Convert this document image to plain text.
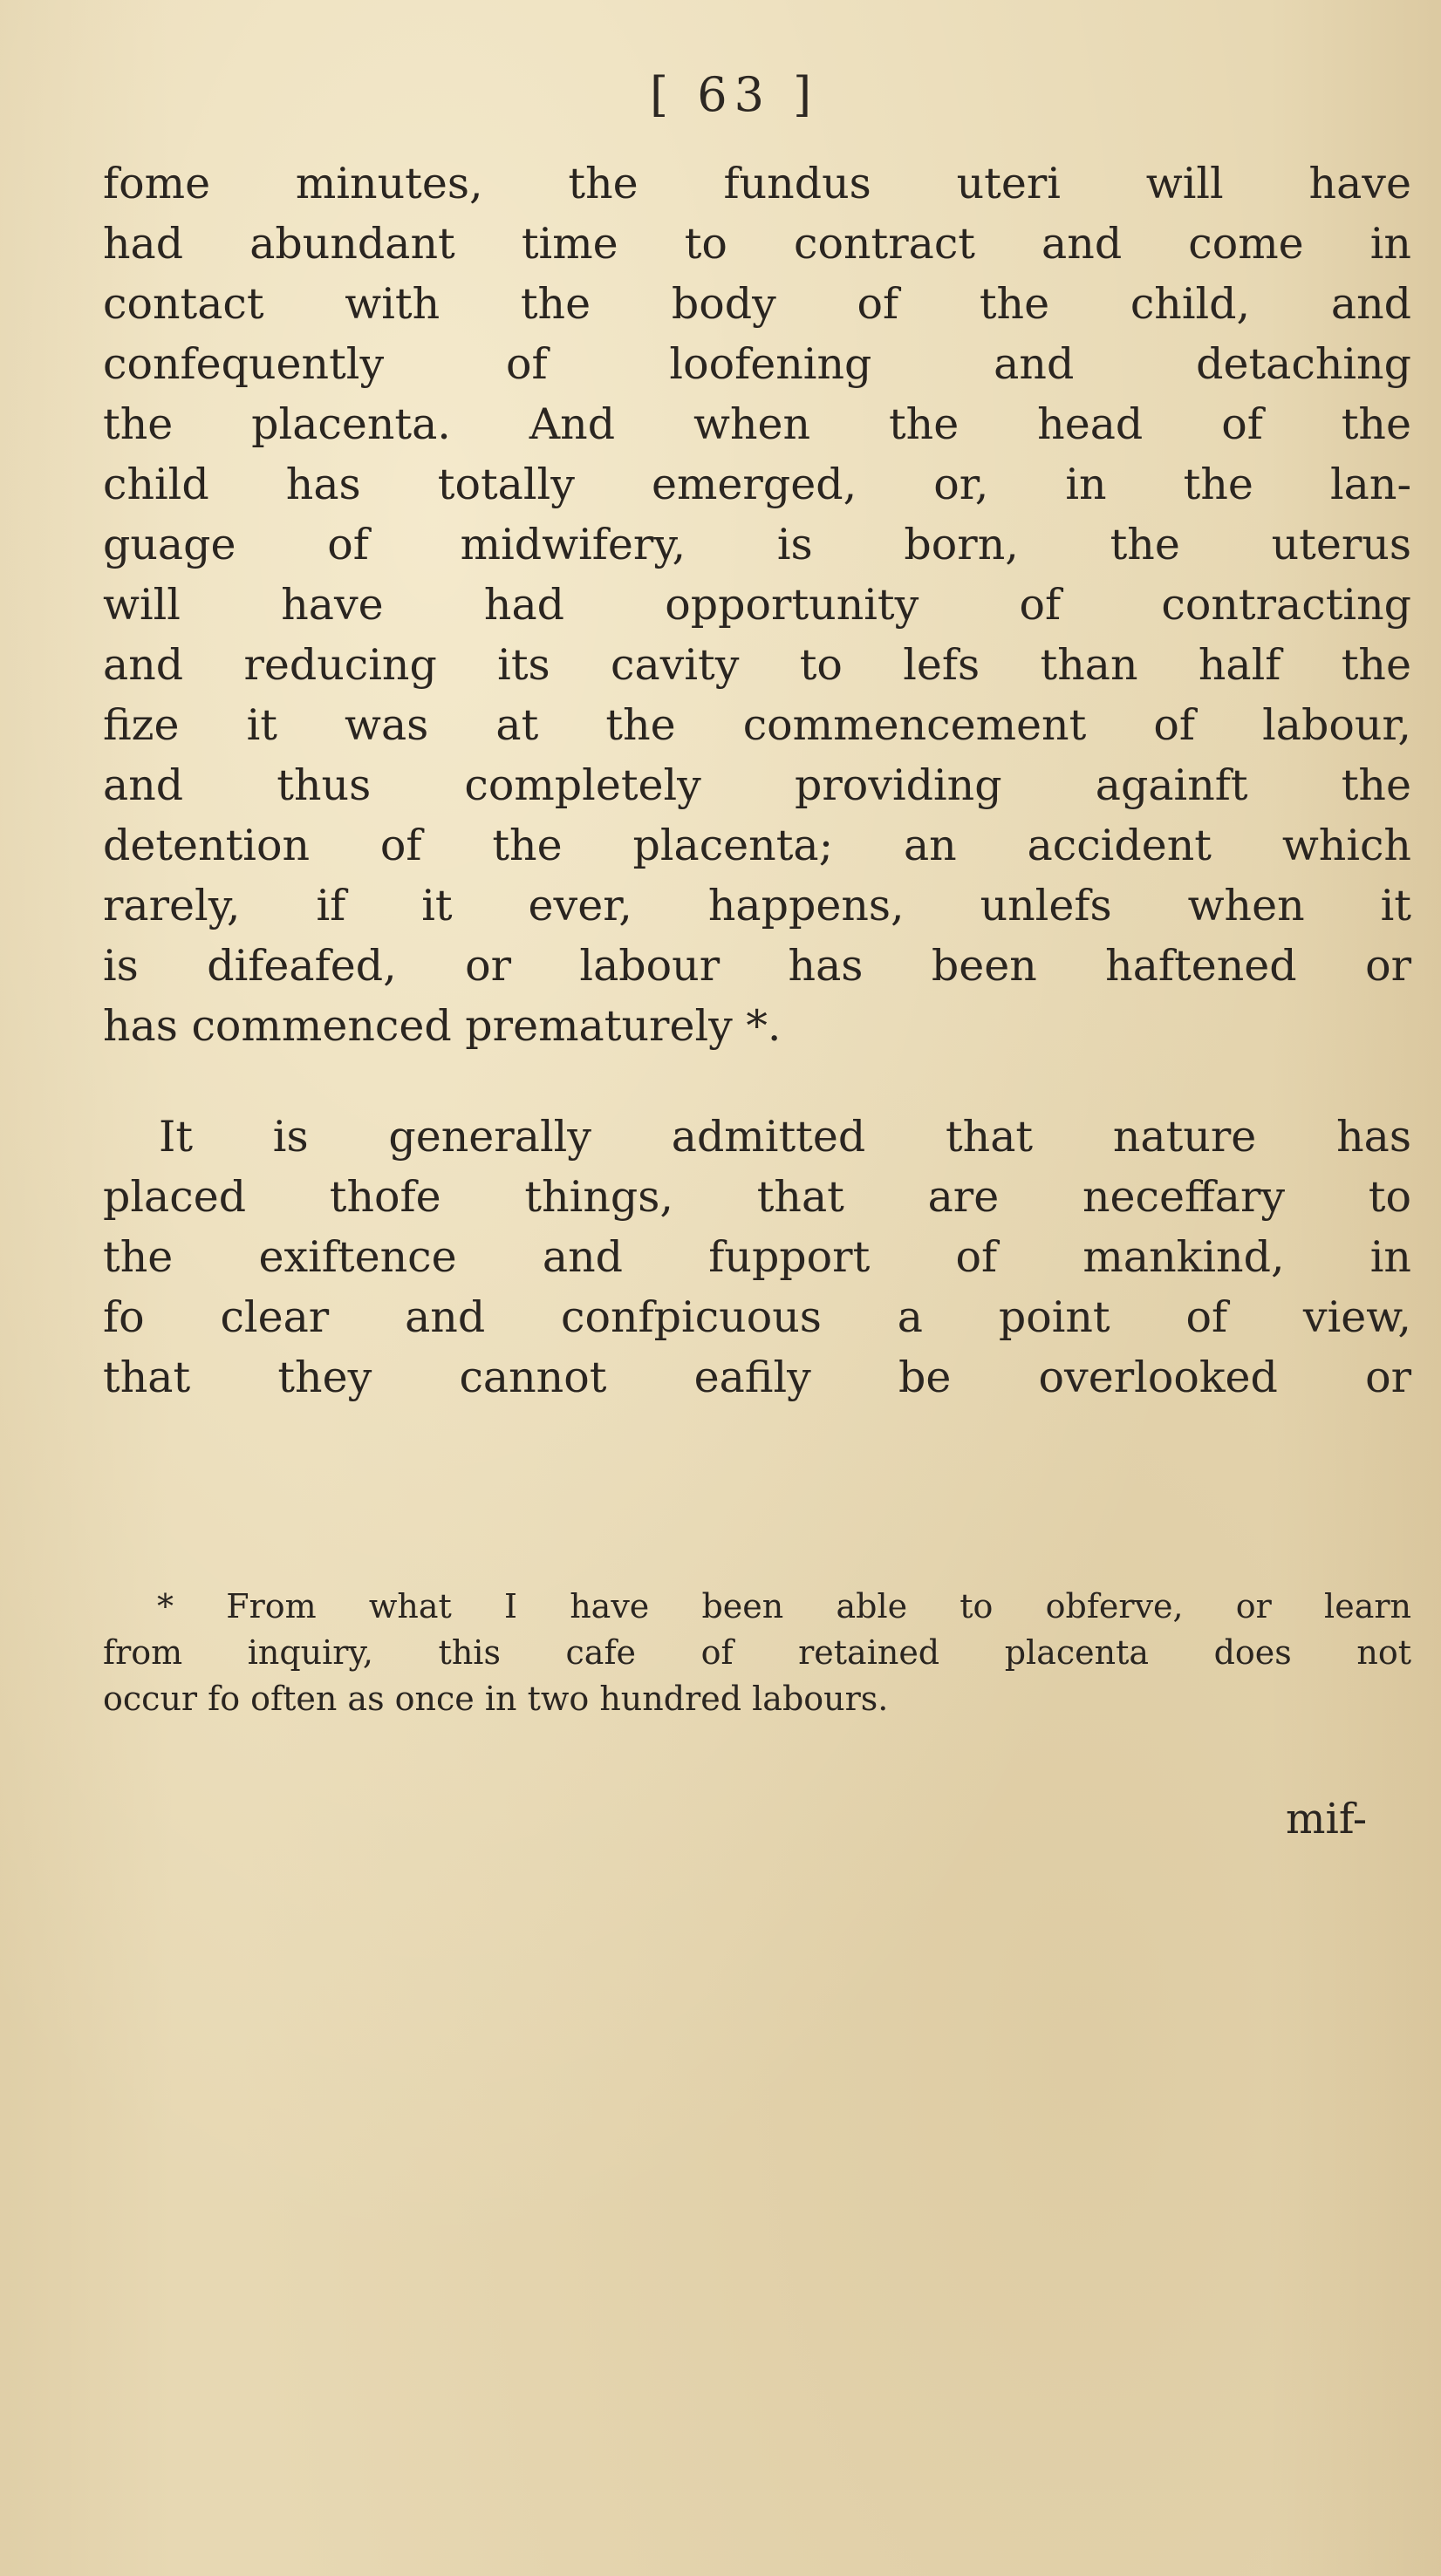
[ 63 ]
fome minutes, the fundus uteri will have
had abundant time to contract and come in
contact with the body of the child, and
confequently of loofening and detaching
the placenta. And when the head of the
child has totally emerged, or, in the lan-
guage of midwifery, is born, the uterus
will have had opportunity of contracting
and reducing its cavity to lefs than half the
fize it was at the commencement of labour,
and thus completely providing againft the
detention of the placenta; an accident which
rarely, if it ever, happens, unlefs when it
is difeafed, or labour has been haftened or
has commenced prematurely *.
It is generally admitted that nature has
placed thofe things, that are neceffary to
the exiftence and fupport of mankind, in
fo clear and confpicuous a point of view,
that they cannot eafily be overlooked or
* From what I have been able to obferve, or learn
from inquiry, this cafe of retained placenta does not
occur fo often as once in two hundred labours.
mif-
